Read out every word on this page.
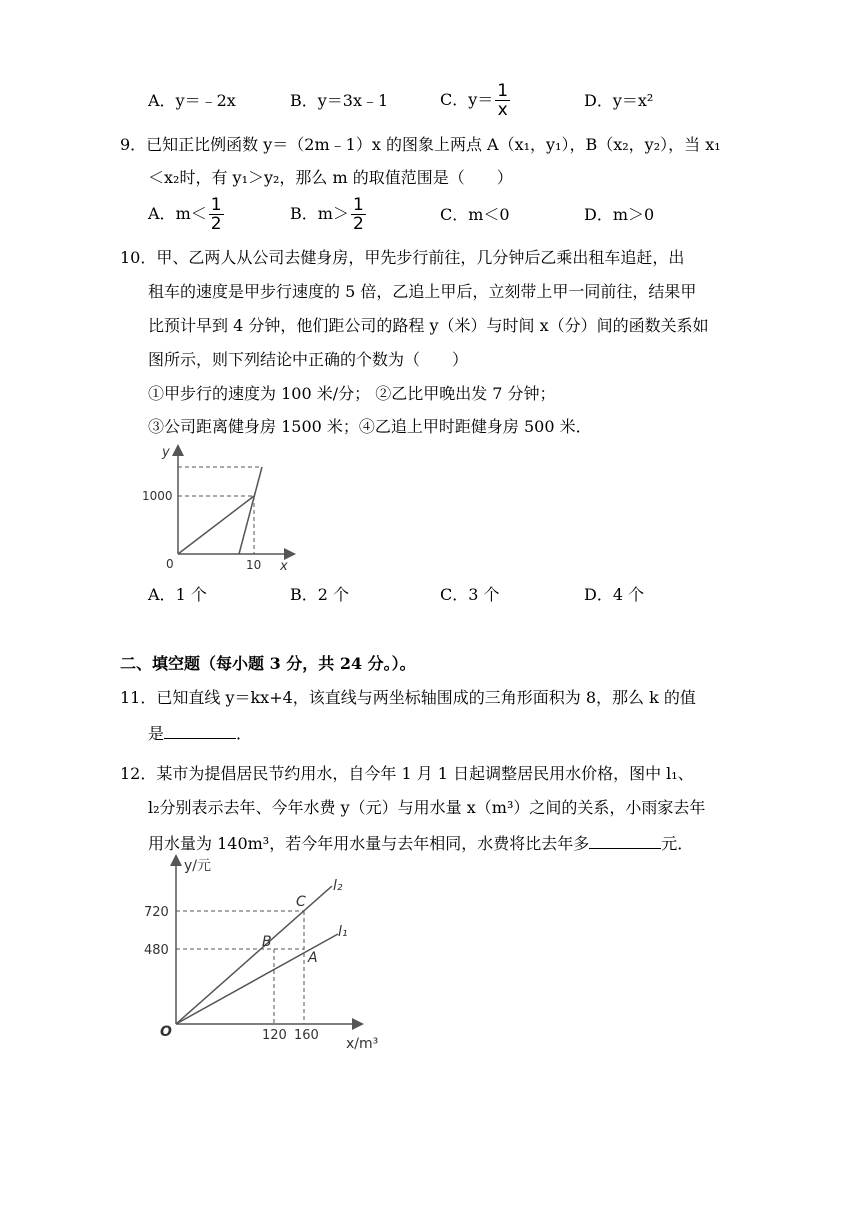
A．y＝﹣2x	B．y＝3x﹣1	C．$y= \frac{1}{x}$	D．y＝x²
9．已知正比例函数 y＝（2m﹣1）x 的图象上两点 A（x₁，y₁），B（x₂，y₂），当 x₁
＜x₂时，有 y₁＞y₂，那么 m 的取值范围是（　　）
A．$m< \frac{1}{2}$	B．$m> \frac{1}{2}$	C．m＜0	D．m＞0
10．甲、乙两人从公司去健身房，甲先步行前往，几分钟后乙乘出租车追赶，出
租车的速度是甲步行速度的 5 倍，乙追上甲后，立刻带上甲一同前往，结果甲
比预计早到 4 分钟，他们距公司的路程 y（米）与时间 x（分）间的函数关系如
图所示，则下列结论中正确的个数为（　　）
①甲步行的速度为 100 米/分； ②乙比甲晚出发 7 分钟；
③公司距离健身房 1500 米；④乙追上甲时距健身房 500 米．
y
1000
0	10 x
A．1 个	B．2 个	C．3 个	D．4 个
二、填空题（每小题 3 分，共 24 分。）。
11．已知直线 y＝kx+4，该直线与两坐标轴围成的三角形面积为 8，那么 k 的值
是	．
12．某市为提倡居民节约用水，自今年 1 月 1 日起调整居民用水价格，图中 l₁、
l₂分别表示去年、今年水费 y（元）与用水量 x（m³）之间的关系，小雨家去年
用水量为 140m³，若今年用水量与去年相同，水费将比去年多	元．
y/元
720
480
C
B
A
l₂
l₁
O	120 160
x/m³
